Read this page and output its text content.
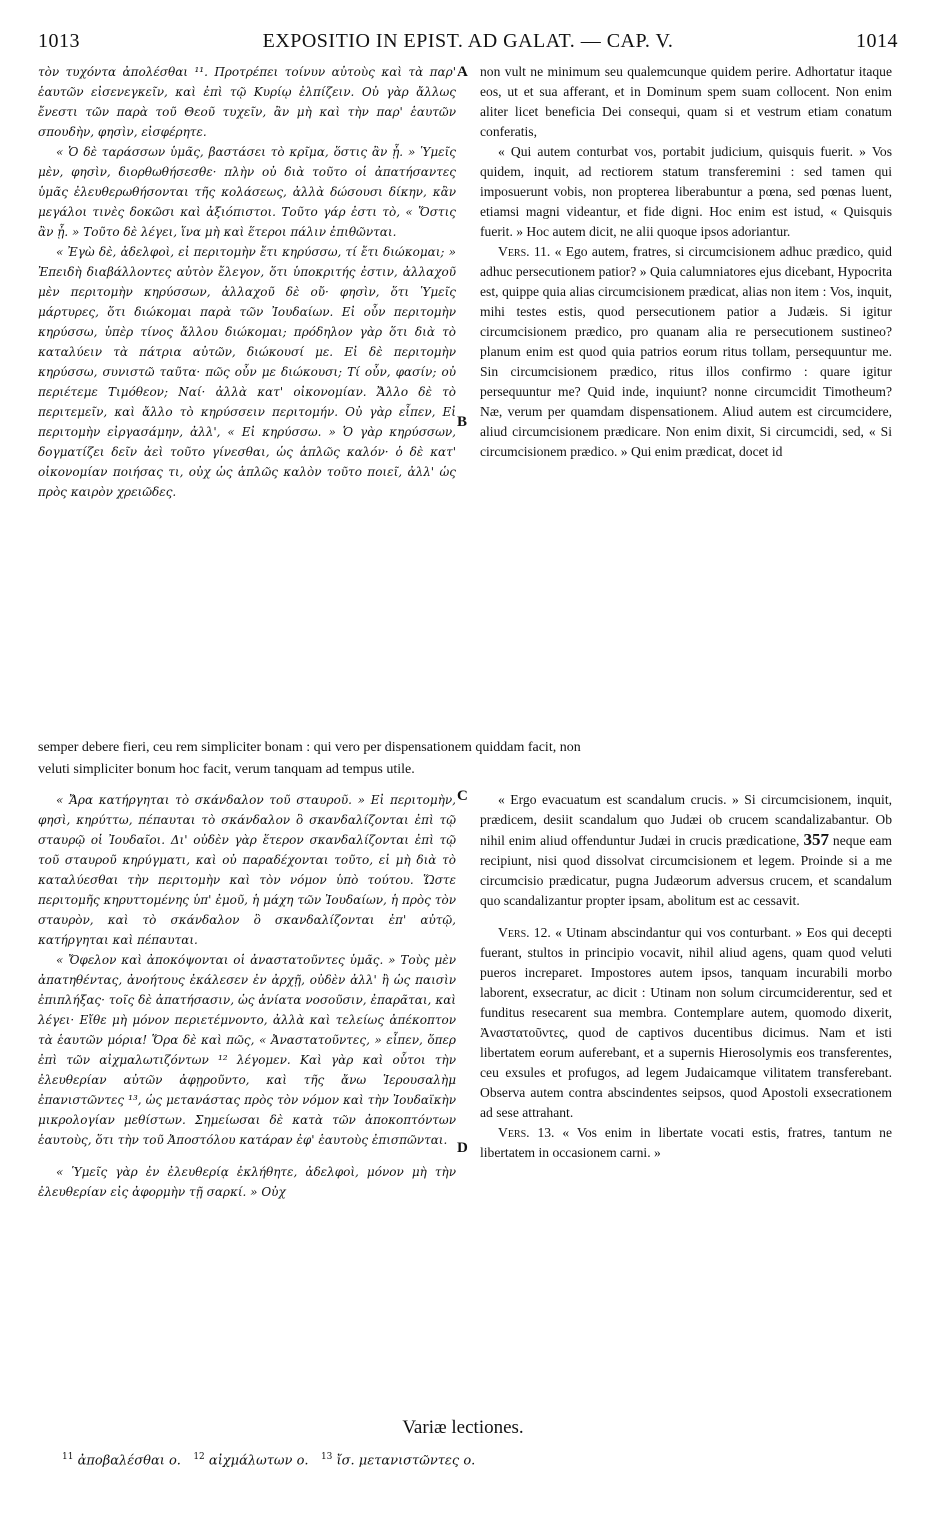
1013	EXPOSITIO IN EPIST. AD GALAT. — CAP. V.	1014
A
B
C
D

τὸν τυχόντα ἀπολέσθαι ¹¹. Προτρέπει τοίνυν αὐτοὺς καὶ τὰ παρ' ἑαυτῶν εἰσενεγκεῖν, καὶ ἐπὶ τῷ Κυρίῳ ἐλπίζειν. Οὐ γὰρ ἄλλως ἔνεστι τῶν παρὰ τοῦ Θεοῦ τυχεῖν, ἂν μὴ καὶ τὴν παρ' ἑαυτῶν σπουδὴν, φησὶν, εἰσφέρητε.

« Ὁ δὲ ταράσσων ὑμᾶς, βαστάσει τὸ κρῖμα, ὅστις ἂν ᾖ. » Ὑμεῖς μὲν, φησὶν, διορθωθήσεσθε· πλὴν οὐ διὰ τοῦτο οἱ ἀπατήσαντες ὑμᾶς ἐλευθερωθήσονται τῆς κολάσεως, ἀλλὰ δώσουσι δίκην, κἂν μεγάλοι τινὲς δοκῶσι καὶ ἀξιόπιστοι. Τοῦτο γάρ ἐστι τὸ, « Ὅστις ἂν ᾖ. » Τοῦτο δὲ λέγει, ἵνα μὴ καὶ ἕτεροι πάλιν ἐπιθῶνται.

« Ἐγὼ δὲ, ἀδελφοὶ, εἰ περιτομὴν ἔτι κηρύσσω, τί ἔτι διώκομαι; » Ἐπειδὴ διαβάλλοντες αὐτὸν ἔλεγον, ὅτι ὑποκριτής ἐστιν, ἀλλαχοῦ μὲν περιτομὴν κηρύσσων, ἀλλαχοῦ δὲ οὔ· φησὶν, ὅτι Ὑμεῖς μάρτυρες, ὅτι διώκομαι παρὰ τῶν Ἰουδαίων. Εἰ οὖν περιτομὴν κηρύσσω, ὑπὲρ τίνος ἄλλου διώκομαι; πρόδηλον γὰρ ὅτι διὰ τὸ καταλύειν τὰ πάτρια αὐτῶν, διώκουσί με. Εἰ δὲ περιτομὴν κηρύσσω, συνιστῶ ταῦτα· πῶς οὖν με διώκουσι; Τί οὖν, φασίν; οὐ περιέτεμε Τιμόθεον; Ναί· ἀλλὰ κατ' οἰκονομίαν. Ἄλλο δὲ τὸ περιτεμεῖν, καὶ ἄλλο τὸ κηρύσσειν περιτομήν. Οὐ γὰρ εἶπεν, Εἰ περιτομὴν εἰργασάμην, ἀλλ', « Εἰ κηρύσσω. » Ὁ γὰρ κηρύσσων, δογματίζει δεῖν ἀεὶ τοῦτο γίνεσθαι, ὡς ἁπλῶς καλόν· ὁ δὲ κατ' οἰκονομίαν ποιήσας τι, οὐχ ὡς ἁπλῶς καλὸν τοῦτο ποιεῖ, ἀλλ' ὡς πρὸς καιρὸν χρειῶδες.

non vult ne minimum seu qualemcunque quidem perire. Adhortatur itaque eos, ut et sua afferant, et in Dominum spem suam collocent. Non enim aliter licet beneficia Dei consequi, quam si et vestrum etiam conatum conferatis,

« Qui autem conturbat vos, portabit judicium, quisquis fuerit. » Vos quidem, inquit, ad rectiorem statum transferemini : sed tamen qui imposuerunt vobis, non propterea liberabuntur a pœna, sed pœnas luent, etiamsi magni videantur, et fide digni. Hoc enim est istud, « Quisquis fuerit. » Hoc autem dicit, ne alii quoque ipsos adoriantur.

Vers. 11. « Ego autem, fratres, si circumcisionem adhuc prædico, quid adhuc persecutionem patior? » Quia calumniatores ejus dicebant, Hypocrita est, quippe quia alias circumcisionem prædicat, alias non item : Vos, inquit, mihi testes estis, quod persecutionem patior a Judæis. Si igitur circumcisionem prædico, pro quanam alia re persecutionem sustineo? planum enim est quod quia patrios eorum ritus tollam, persequuntur me. Sin circumcisionem prædico, ritus illos confirmo : quare igitur persequuntur me? Quid inde, inquiunt? nonne circumcidit Timotheum? Næ, verum per quamdam dispensationem. Aliud autem est circumcidere, aliud circumcisionem prædicare. Non enim dixit, Si circumcidi, sed, « Si circumcisionem prædico. » Qui enim prædicat, docet id

semper debere fieri, ceu rem simpliciter bonam : qui vero per dispensationem quiddam facit, non
veluti simpliciter bonum hoc facit, verum tanquam ad tempus utile.

« Ἄρα κατήργηται τὸ σκάνδαλον τοῦ σταυροῦ. » Εἰ περιτομὴν, φησὶ, κηρύττω, πέπαυται τὸ σκάνδαλον ὃ σκανδαλίζονται ἐπὶ τῷ σταυρῷ οἱ Ἰουδαῖοι. Δι' οὐδὲν γὰρ ἕτερον σκανδαλίζονται ἐπὶ τῷ τοῦ σταυροῦ κηρύγματι, καὶ οὐ παραδέχονται τοῦτο, εἰ μὴ διὰ τὸ καταλύεσθαι τὴν περιτομὴν καὶ τὸν νόμον ὑπὸ τούτου. Ὥστε περιτομῆς κηρυττομένης ὑπ' ἐμοῦ, ἡ μάχη τῶν Ἰουδαίων, ἡ πρὸς τὸν σταυρὸν, καὶ τὸ σκάνδαλον ὃ σκανδαλίζονται ἐπ' αὐτῷ, κατήργηται καὶ πέπαυται.

« Ὄφελον καὶ ἀποκόψονται οἱ ἀναστατοῦντες ὑμᾶς. » Τοὺς μὲν ἀπατηθέντας, ἀνοήτους ἐκάλεσεν ἐν ἀρχῇ, οὐδὲν ἀλλ' ἢ ὡς παισὶν ἐπιπλήξας· τοῖς δὲ ἀπατήσασιν, ὡς ἀνίατα νοσοῦσιν, ἐπαρᾶται, καὶ λέγει· Εἴθε μὴ μόνον περιετέμνοντο, ἀλλὰ καὶ τελείως ἀπέκοπτον τὰ ἑαυτῶν μόρια! Ὅρα δὲ καὶ πῶς, « Ἀναστατοῦντες, » εἶπεν, ὅπερ ἐπὶ τῶν αἰχμαλωτιζόντων ¹² λέγομεν. Καὶ γὰρ καὶ οὗτοι τὴν ἐλευθερίαν αὐτῶν ἀφῃροῦντο, καὶ τῆς ἄνω Ἱερουσαλὴμ ἐπανιστῶντες ¹³, ὡς μετανάστας πρὸς τὸν νόμον καὶ τὴν Ἰουδαϊκὴν μικρολογίαν μεθίστων. Σημείωσαι δὲ κατὰ τῶν ἀποκοπτόντων ἑαυτοὺς, ὅτι τὴν τοῦ Ἀποστόλου κατάραν ἐφ' ἑαυτοὺς ἐπισπῶνται.

« Ὑμεῖς γὰρ ἐν ἐλευθερίᾳ ἐκλήθητε, ἀδελφοὶ, μόνον μὴ τὴν ἐλευθερίαν εἰς ἀφορμὴν τῇ σαρκί. » Οὐχ

« Ergo evacuatum est scandalum crucis. » Si circumcisionem, inquit, prædicem, desiit scandalum quo Judæi ob crucem scandalizabantur. Ob nihil enim aliud offenduntur Judæi in crucis prædicatione, 357 neque eam recipiunt, nisi quod dissolvat circumcisionem et legem. Proinde si a me circumcisio prædicatur, pugna Judæorum adversus crucem, et scandalum quo scandalizantur propter ipsam, abolitum est ac cessavit.

Vers. 12. « Utinam abscindantur qui vos conturbant. » Eos qui decepti fuerant, stultos in principio vocavit, nihil aliud agens, quam quod veluti pueros increparet. Impostores autem ipsos, tanquam incurabili morbo laborent, exsecratur, ac dicit : Utinam non solum circumciderentur, sed et funditus resecarent sua membra. Contemplare autem, quomodo dixerit, Ἀναστατοῦντες, quod de captivos ducentibus dicimus. Nam et isti libertatem eorum auferebant, et a supernis Hierosolymis eos transferentes, ceu exsules et profugos, ad legem Judaicamque vilitatem transferebant. Observa autem contra abscindentes seipsos, quod Apostoli exsecrationem ad sese attrahant.

Vers. 13. « Vos enim in libertate vocati estis, fratres, tantum ne libertatem in occasionem carni. »

Variæ lectiones.
$^{11}$ ἀποβαλέσθαι ο. $^{12}$ αἰχμάλωτων ο. $^{13}$ ἴσ. μετανιστῶντες ο.
